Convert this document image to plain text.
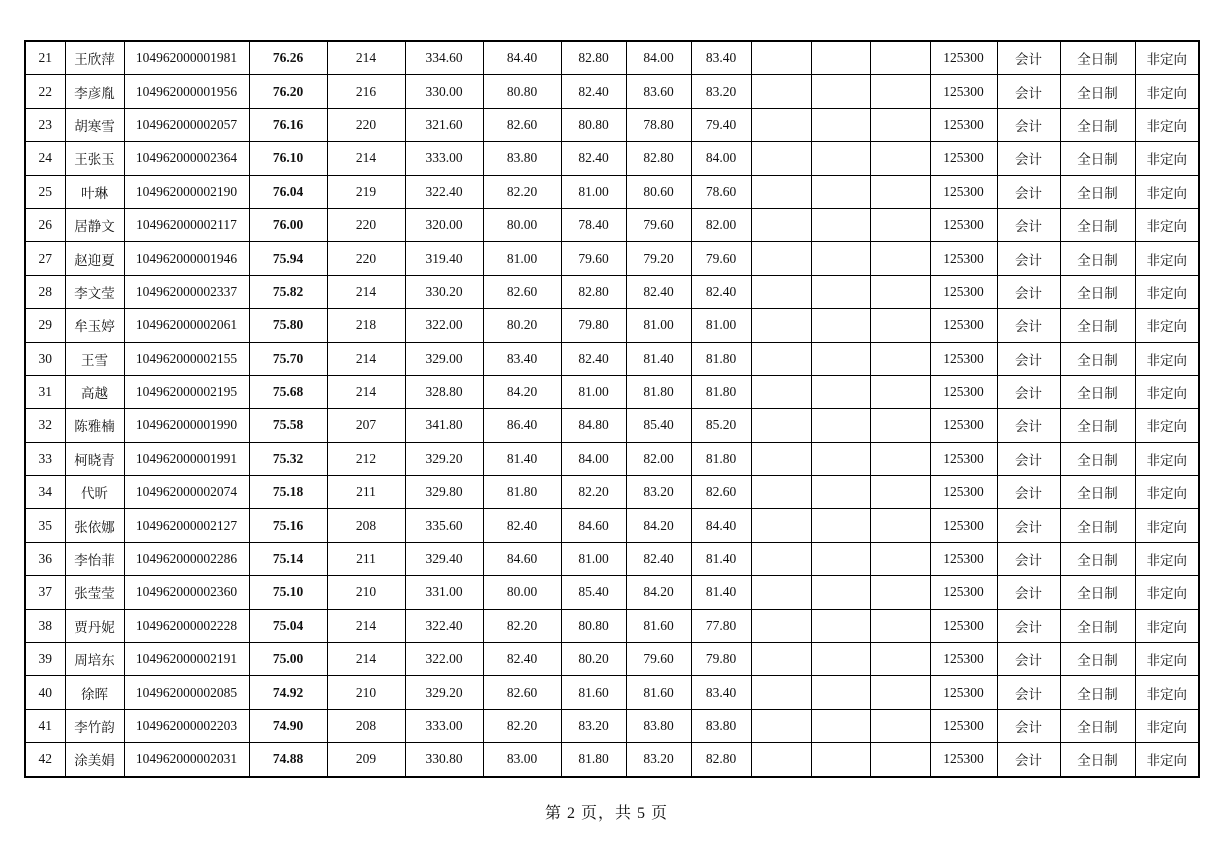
21	王欣萍	104962000001981	76.26	214	334.60	84.40	82.80	84.00	83.40				125300	会计	全日制	非定向
22	李彦胤	104962000001956	76.20	216	330.00	80.80	82.40	83.60	83.20				125300	会计	全日制	非定向
23	胡寒雪	104962000002057	76.16	220	321.60	82.60	80.80	78.80	79.40				125300	会计	全日制	非定向
24	王张玉	104962000002364	76.10	214	333.00	83.80	82.40	82.80	84.00				125300	会计	全日制	非定向
25	叶琳	104962000002190	76.04	219	322.40	82.20	81.00	80.60	78.60				125300	会计	全日制	非定向
26	居静文	104962000002117	76.00	220	320.00	80.00	78.40	79.60	82.00				125300	会计	全日制	非定向
27	赵迎夏	104962000001946	75.94	220	319.40	81.00	79.60	79.20	79.60				125300	会计	全日制	非定向
28	李文莹	104962000002337	75.82	214	330.20	82.60	82.80	82.40	82.40				125300	会计	全日制	非定向
29	牟玉婷	104962000002061	75.80	218	322.00	80.20	79.80	81.00	81.00				125300	会计	全日制	非定向
30	王雪	104962000002155	75.70	214	329.00	83.40	82.40	81.40	81.80				125300	会计	全日制	非定向
31	高越	104962000002195	75.68	214	328.80	84.20	81.00	81.80	81.80				125300	会计	全日制	非定向
32	陈雅楠	104962000001990	75.58	207	341.80	86.40	84.80	85.40	85.20				125300	会计	全日制	非定向
33	柯晓青	104962000001991	75.32	212	329.20	81.40	84.00	82.00	81.80				125300	会计	全日制	非定向
34	代昕	104962000002074	75.18	211	329.80	81.80	82.20	83.20	82.60				125300	会计	全日制	非定向
35	张依娜	104962000002127	75.16	208	335.60	82.40	84.60	84.20	84.40				125300	会计	全日制	非定向
36	李怡菲	104962000002286	75.14	211	329.40	84.60	81.00	82.40	81.40				125300	会计	全日制	非定向
37	张莹莹	104962000002360	75.10	210	331.00	80.00	85.40	84.20	81.40				125300	会计	全日制	非定向
38	贾丹妮	104962000002228	75.04	214	322.40	82.20	80.80	81.60	77.80				125300	会计	全日制	非定向
39	周培东	104962000002191	75.00	214	322.00	82.40	80.20	79.60	79.80				125300	会计	全日制	非定向
40	徐晖	104962000002085	74.92	210	329.20	82.60	81.60	81.60	83.40				125300	会计	全日制	非定向
41	李竹韵	104962000002203	74.90	208	333.00	82.20	83.20	83.80	83.80				125300	会计	全日制	非定向
42	涂美娟	104962000002031	74.88	209	330.80	83.00	81.80	83.20	82.80				125300	会计	全日制	非定向
第 2 页，共 5 页
